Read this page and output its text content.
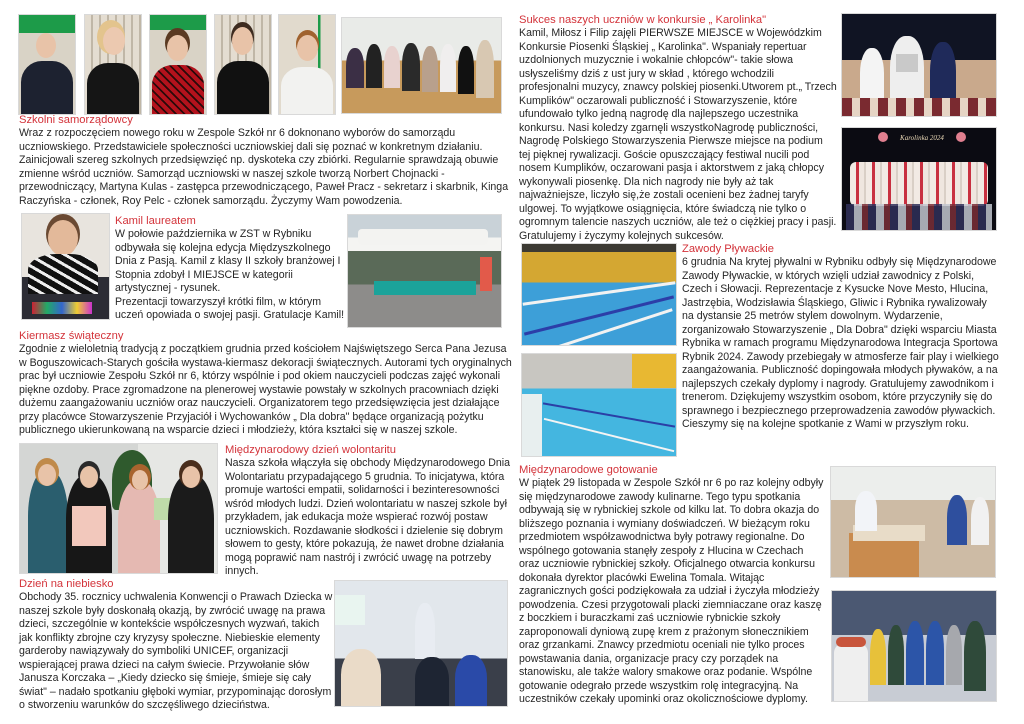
Szkolni samorządowcy
Wraz z rozpoczęciem nowego roku w Zespole Szkół nr 6 doknonano wyborów do samorządu
uczniowskiego. Przedstawiciele społeczności uczniowskiej dali się poznać w konkretnym działaniu.
Zainicjowali szereg szkolnych przedsięwzięć np. dyskoteka czy zbiórki. Regularnie sprawdzają obuwie
zmienne wśród uczniów. Samorząd uczniowski w naszej szkole tworzą Norbert Chojnacki -
przewodniczący, Martyna Kulas - zastępca przewodniczącego, Paweł Pracz - sekretarz i skarbnik, Kinga
Raczyńska - członek, Roy Pelc - członek samorządu. Życzymy Wam powodzenia.
Kamil laureatem
W połowie października w ZST w Rybniku
odbywała się kolejna edycja Międzyszkolnego
Dnia z Pasją. Kamil z klasy II szkoły branżowej I
Stopnia zdobył I MIEJSCE w kategorii
artystycznej - rysunek.
Prezentacji towarzyszył krótki film, w którym
uczeń opowiada o swojej pasji. Gratulacje Kamil!
Kiermasz świąteczny
Zgodnie z wieloletnią tradycją z początkiem grudnia przed kościołem Najświętszego Serca Pana Jezusa
w Boguszowicach-Starych gościła wystawa-kiermasz dekoracji świątecznych. Autorami tych oryginalnych
prac był uczniowie Zespołu Szkół nr 6, którzy wspólnie i pod okiem nauczycieli podczas zajęć wykonali
piękne ozdoby. Prace zgromadzone na plenerowej wystawie powstały w szkolnych pracowniach dzięki
dużemu zaangażowaniu uczniów oraz nauczycieli. Organizatorem tego przedsięwzięcia jest działające
przy placówce Stowarzyszenie Przyjaciół i Wychowanków „ Dla dobra" będące organizacją pożytku
publicznego ukierunkowaną na wsparcie dzieci i młodzieży, która kształci się w naszej szkole.
Międzynarodowy dzień wolontaritu
Nasza szkoła włączyła się obchody Międzynarodowego Dnia
Wolontariatu przypadającego 5 grudnia. To inicjatywa, która
promuje wartości empatii, solidarności i bezinteresowności
wśród młodych ludzi. Dzień wolontariatu w naszej szkole był
przykładem, jak edukacja może wspierać rozwój postaw
uczniowskich. Rozdawanie słodkości i dzielenie się dobrym
słowem to gesty, które pokazują, że nawet drobne działania
mogą poprawić nam nastrój i zwrócić uwagę na potrzeby
innych.
Dzień na niebiesko
Obchody 35. rocznicy uchwalenia Konwencji o Prawach Dziecka w
naszej szkole były doskonałą okazją, by zwrócić uwagę na prawa
dzieci, szczególnie w kontekście współczesnych wyzwań, takich
jak konflikty zbrojne czy kryzysy społeczne. Niebieskie elementy
garderoby nawiązywały do symboliki UNICEF, organizacji
wspierającej prawa dzieci na całym świecie. Przywołanie słów
Janusza Korczaka – „Kiedy dziecko się śmieje, śmieje się cały
świat" – nadało spotkaniu głęboki wymiar, przypominając dorosłym
o stworzeniu warunków do szczęśliwego dzieciństwa.
Sukces naszych uczniów w konkursie „ Karolinka"
Kamil, Miłosz i Filip zajęli PIERWSZE MIEJSCE w Wojewódzkim
Konkursie Piosenki Śląskiej „ Karolinka". Wspaniały repertuar
uzdolnionych muzycznie i wokalnie chłopców"- takie słowa
usłyszeliśmy dziś z ust jury w skład , którego wchodzili
profesjonalni muzycy, znawcy polskiej piosenki.Utworem pt.„ Trzech
Kumplików" oczarowali publiczność i Stowarzyszenie, które
ufundowało tylko jedną nagrodę dla najlepszego uczestnika
konkursu. Nasi koledzy zgarnęli wszystkoNagrodę publiczności,
Nagrodę Polskiego Stowarzyszenia Pierwsze miejsce na podium
tej pięknej rywalizacji. Goście opuszczający festiwal nucili pod
nosem Kumplików, oczarowani pasja i aktorstwem z jaką chłopcy
wykonywali piosenkę. Dla nich nagrody nie były aż tak
najważniejsze, liczyło się,że zostali ocenieni bez żadnej taryfy
ulgowej. To wyjątkowe osiągnięcia, które świadczą nie tylko o
ogromnym talencie naszych uczniów, ale też o ciężkiej pracy i pasji.
Gratulujemy i życzymy kolejnych sukcesów.
Karolinka 2024
Zawody Pływackie
6 grudnia Na krytej pływalni w Rybniku odbyły się Międzynarodowe
Zawody Pływackie, w których wzięli udział zawodnicy z Polski,
Czech i Słowacji. Reprezentacje z Kysucke Nove Mesto, Hlucina,
Jastrzębia, Wodzisławia Śląskiego, Gliwic i Rybnika rywalizowały
na dystansie 25 metrów stylem dowolnym. Wydarzenie,
zorganizowało Stowarzyszenie „ Dla Dobra" dzięki wsparciu Miasta
Rybnika w ramach programu Międzynarodowa Integracja Sportowa
Rybnik 2024. Zawody przebiegały w atmosferze fair play i wielkiego
zaangażowania. Publiczność dopingowała młodych pływaków, a na
najlepszych czekały dyplomy i nagrody. Gratulujemy zawodnikom i
trenerom. Dziękujemy wszystkim osobom, które przyczyniły się do
sprawnego i bezpiecznego przeprowadzenia zawodów pływackich.
Cieszymy się na kolejne spotkanie z Wami w przyszłym roku.
Międzynarodowe gotowanie
W piątek 29 listopada w Zespole Szkół nr 6 po raz kolejny odbyły
się międzynarodowe zawody kulinarne. Tego typu spotkania
odbywają się w rybnickiej szkole od kilku lat. To dobra okazja do
bliższego poznania i wymiany doświadczeń. W bieżącym roku
przedmiotem współzawodnictwa były potrawy regionalne. Do
wspólnego gotowania stanęły zespoły z Hlucina w Czechach
oraz uczniowie rybnickiej szkoły. Oficjalnego otwarcia konkursu
dokonała dyrektor placówki Ewelina Tomala. Witając
zagranicznych gości podziękowała za udział i życzyła młodzieży
powodzenia. Czesi przygotowali placki ziemniaczane oraz kaszę
z boczkiem i buraczkami zaś uczniowie rybnickie szkoły
zaproponowali dyniową zupę krem z prażonym słonecznikiem
oraz grzankami. Znawcy przedmiotu oceniali nie tylko proces
powstawania dania, organizacje pracy czy porządek na
stanowisku, ale także walory smakowe oraz podanie. Wspólne
gotowanie odegrało przede wszystkim rolę integracyjną. Na
uczestników czekały upominki oraz okolicznościowe dyplomy.
